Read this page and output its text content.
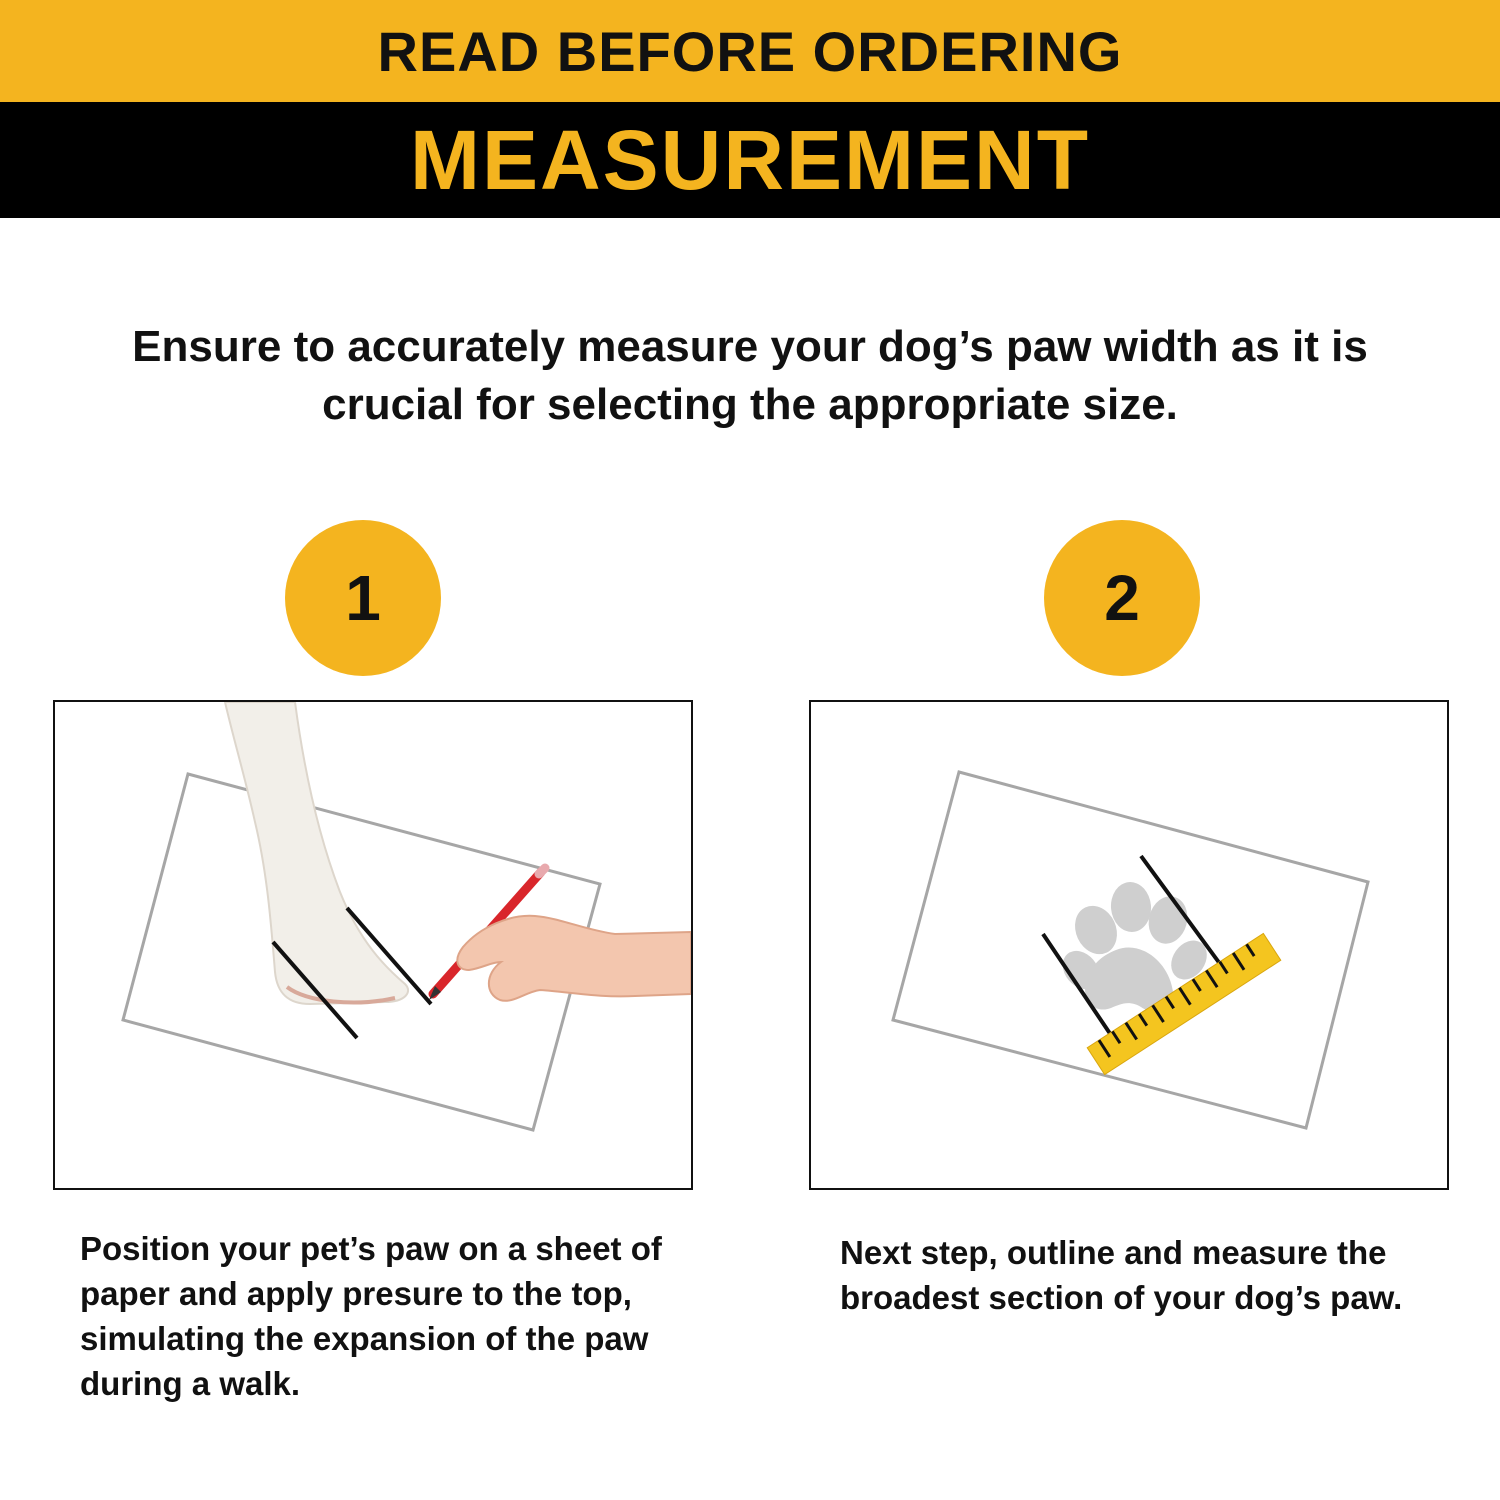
READ BEFORE ORDERING
MEASUREMENT
Ensure to accurately measure your dog’s paw width as it is crucial for selecting the appropriate size.
1
Position your pet’s paw on a sheet of paper and apply presure to the top, simulating the expansion of the paw during a walk.
2
Next step, outline and measure the broadest section of your dog’s paw.
